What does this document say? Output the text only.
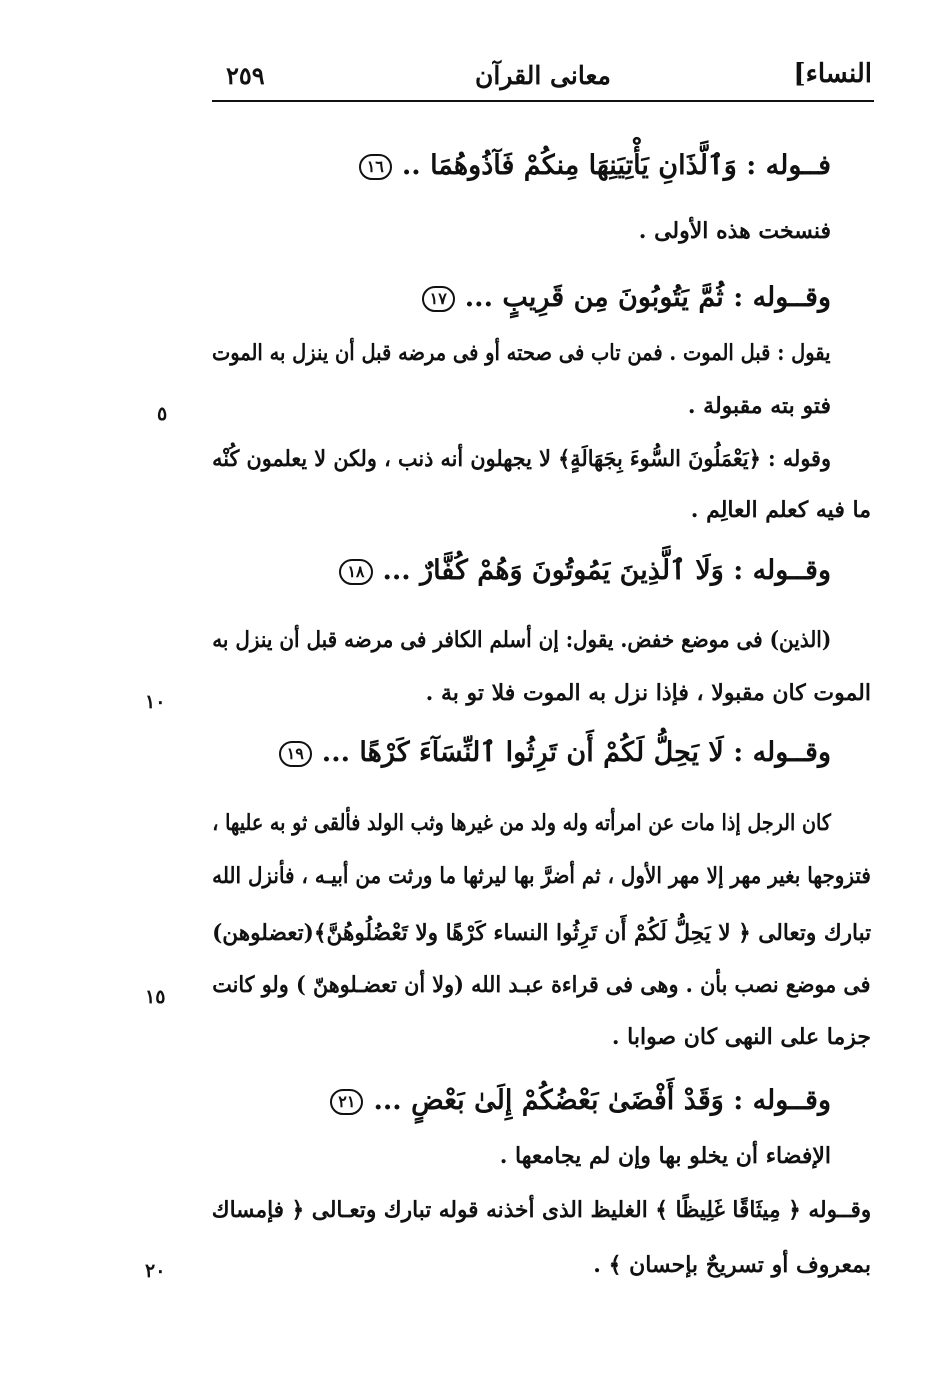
النساء]
معانى القرآن
٢٥٩
فــوله : وَٱلَّذَانِ يَأْتِيَنِهَا مِنكُمْ فَآذُوهُمَا ..١٦
فنسخت هذه الأولى .
وقــوله : ثُمَّ يَتُوبُونَ مِن قَرِيبٍ ...١٧
يقول : قبل الموت . فمن تاب فى صحته أو فى مرضه قبل أن ينزل به الموت
فتو بته مقبولة .
وقوله : ﴿يَعْمَلُونَ السُّوءَ بِجَهَالَةٍ﴾ لا يجهلون أنه ذنب ، ولكن لا يعلمون كُنْه
ما فيه كعلم العالِم .
وقــوله : وَلَا ٱلَّذِينَ يَمُوتُونَ وَهُمْ كُفَّارٌ ...١٨
(الذين) فى موضع خفض. يقول: إن أسلم الكافر فى مرضه قبل أن ينزل به
الموت كان مقبولا ، فإذا نزل به الموت فلا تو بة .
وقــوله : لَا يَحِلُّ لَكُمْ أَن تَرِثُوا ٱلنِّسَآءَ كَرْهًا ...١٩
كان الرجل إذا مات عن امرأته وله ولد من غيرها وثب الولد فألقى ثو به عليها ،
فتزوجها بغير مهر إلا مهر الأول ، ثم أضرَّ بها ليرثها ما ورثت من أبيـه ، فأنزل الله
تبارك وتعالى ﴿ لا يَحِلُّ لَكُمْ أَن تَرِثُوا النساء كَرْهًا ولا تَعْضُلُوهُنَّ﴾(تعضلوهن)
فى موضع نصب بأن . وهى فى قراءة عبـد الله (ولا أن تعضـلوهنّ ) ولو كانت
جزما على النهى كان صوابا .
وقــوله : وَقَدْ أَفْضَىٰ بَعْضُكُمْ إِلَىٰ بَعْضٍ ...٢١
الإفضاء أن يخلو بها وإن لم يجامعها .
وقــوله ﴿ مِيثَاقًا غَلِيظًا ﴾ الغليظ الذى أخذنه قوله تبارك وتعـالى ﴿ فإمساك
بمعروف أو تسريحٌ بإحسان ﴾ .
٥
١٠
١٥
٢٠
